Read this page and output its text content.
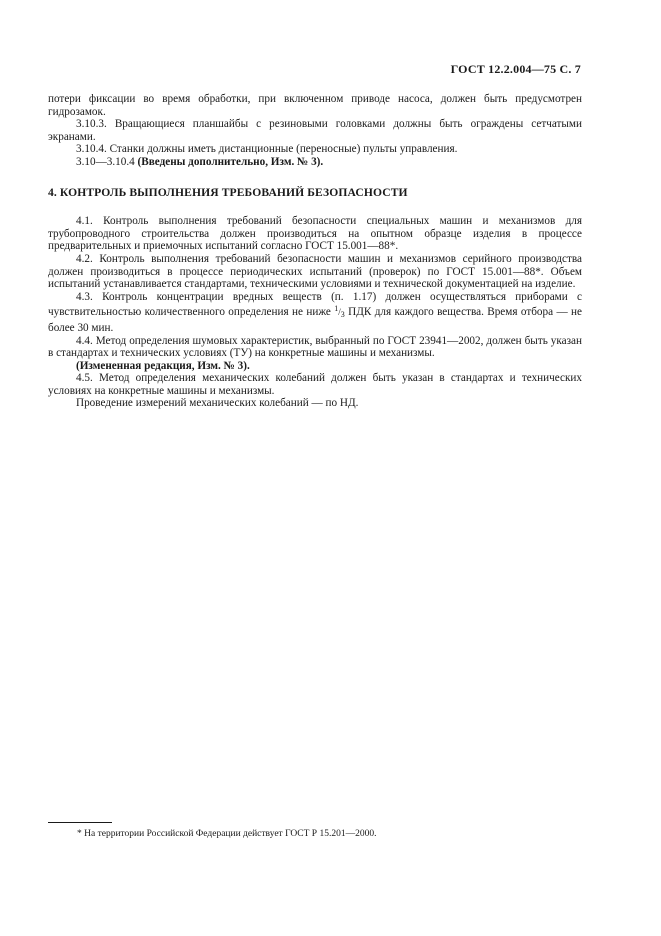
ГОСТ 12.2.004—75 С. 7

потери фиксации во время обработки, при включенном приводе насоса, должен быть предусмотрен гидрозамок.

3.10.3. Вращающиеся планшайбы с резиновыми головками должны быть ограждены сетчатыми экранами.

3.10.4. Станки должны иметь дистанционные (переносные) пульты управления.

3.10—3.10.4 (Введены дополнительно, Изм. № 3).

4. КОНТРОЛЬ ВЫПОЛНЕНИЯ ТРЕБОВАНИЙ БЕЗОПАСНОСТИ

4.1. Контроль выполнения требований безопасности специальных машин и механизмов для трубопроводного строительства должен производиться на опытном образце изделия в процессе предварительных и приемочных испытаний согласно ГОСТ 15.001—88*.

4.2. Контроль выполнения требований безопасности машин и механизмов серийного производства должен производиться в процессе периодических испытаний (проверок) по ГОСТ 15.001—88*. Объем испытаний устанавливается стандартами, техническими условиями и технической документацией на изделие.

4.3. Контроль концентрации вредных веществ (п. 1.17) должен осуществляться приборами с чувствительностью количественного определения не ниже 1/3 ПДК для каждого вещества. Время отбора — не более 30 мин.

4.4. Метод определения шумовых характеристик, выбранный по ГОСТ 23941—2002, должен быть указан в стандартах и технических условиях (ТУ) на конкретные машины и механизмы.

(Измененная редакция, Изм. № 3).

4.5. Метод определения механических колебаний должен быть указан в стандартах и технических условиях на конкретные машины и механизмы.

Проведение измерений механических колебаний — по НД.

* На территории Российской Федерации действует ГОСТ Р 15.201—2000.
